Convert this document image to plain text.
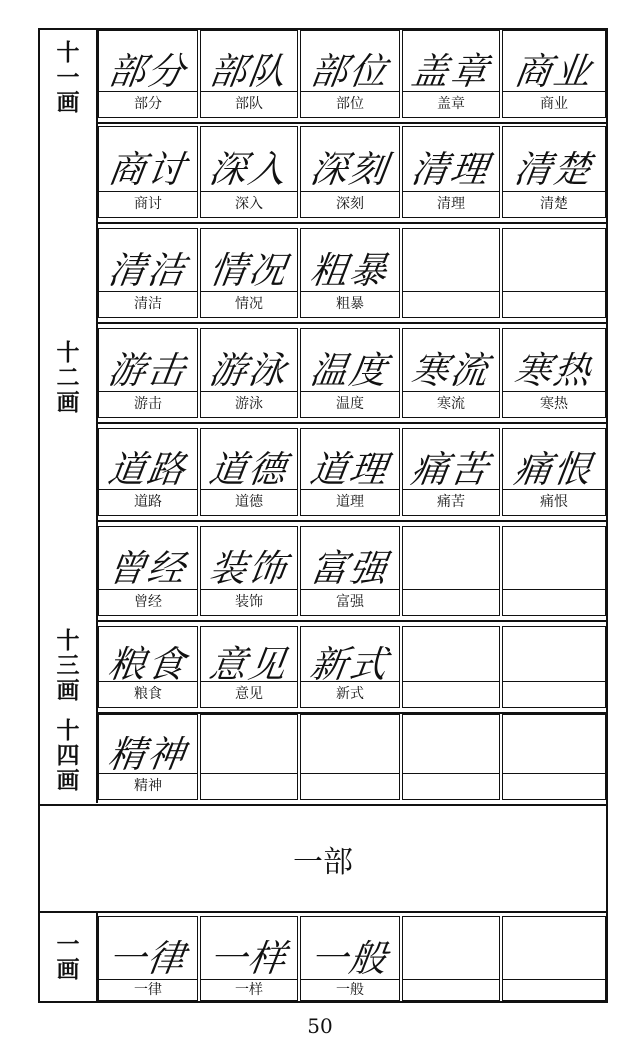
十
一
画
十
二
画
十
三
画
十
四
画
一
画
部分
部分
部队
部队
部位
部位
盖章
盖章
商业
商业
商讨
商讨
深入
深入
深刻
深刻
清理
清理
清楚
清楚
清洁
清洁
情况
情况
粗暴
粗暴
游击
游击
游泳
游泳
温度
温度
寒流
寒流
寒热
寒热
道路
道路
道德
道德
道理
道理
痛苦
痛苦
痛恨
痛恨
曾经
曾经
装饰
装饰
富强
富强
粮食
粮食
意见
意见
新式
新式
精神
精神
一律
一律
一样
一样
一般
一般
一部
50
